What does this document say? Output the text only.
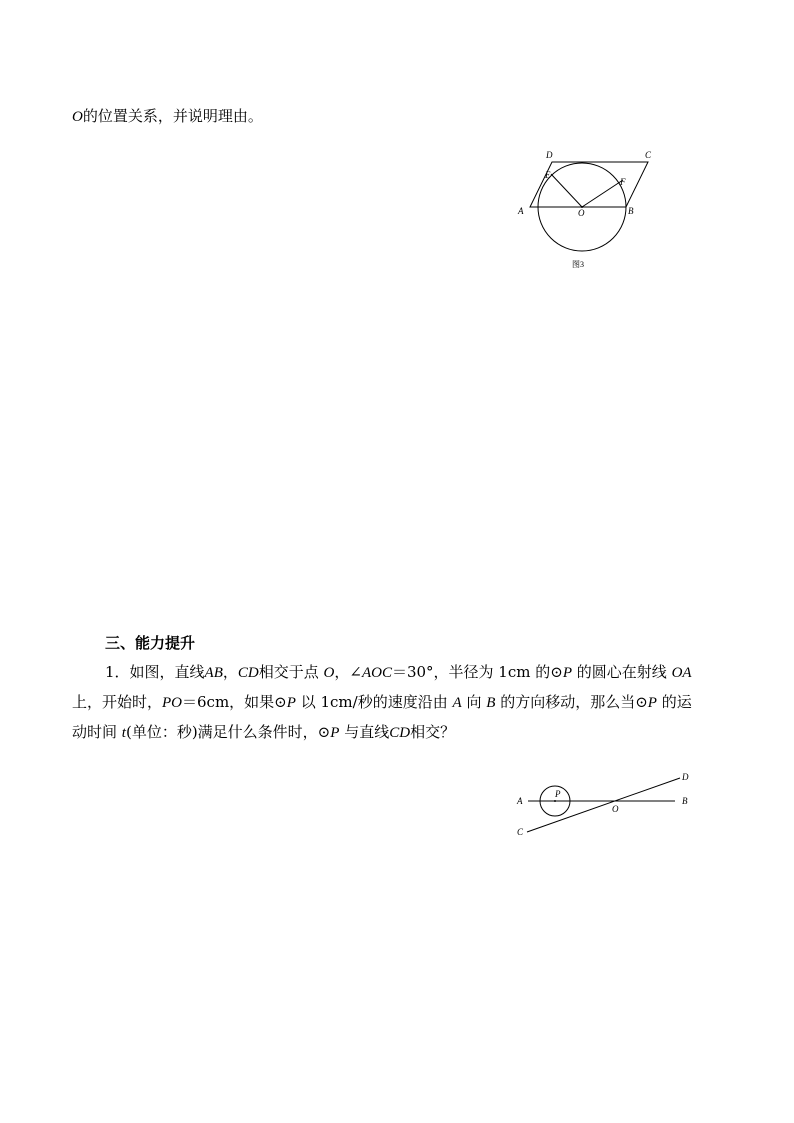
O的位置关系，并说明理由。
D	C
E
F
A	O	B
图3
三、能力提升
1．如图，直线AB，CD相交于点 O，∠AOC＝30°，半径为 1cm 的⊙P 的圆心在射线 OA
上，开始时，PO＝6cm，如果⊙P 以 1cm/秒的速度沿由 A 向 B 的方向移动，那么当⊙P 的运
动时间 t(单位：秒)满足什么条件时，⊙P 与直线CD相交？
D
P
A	B
O
C
